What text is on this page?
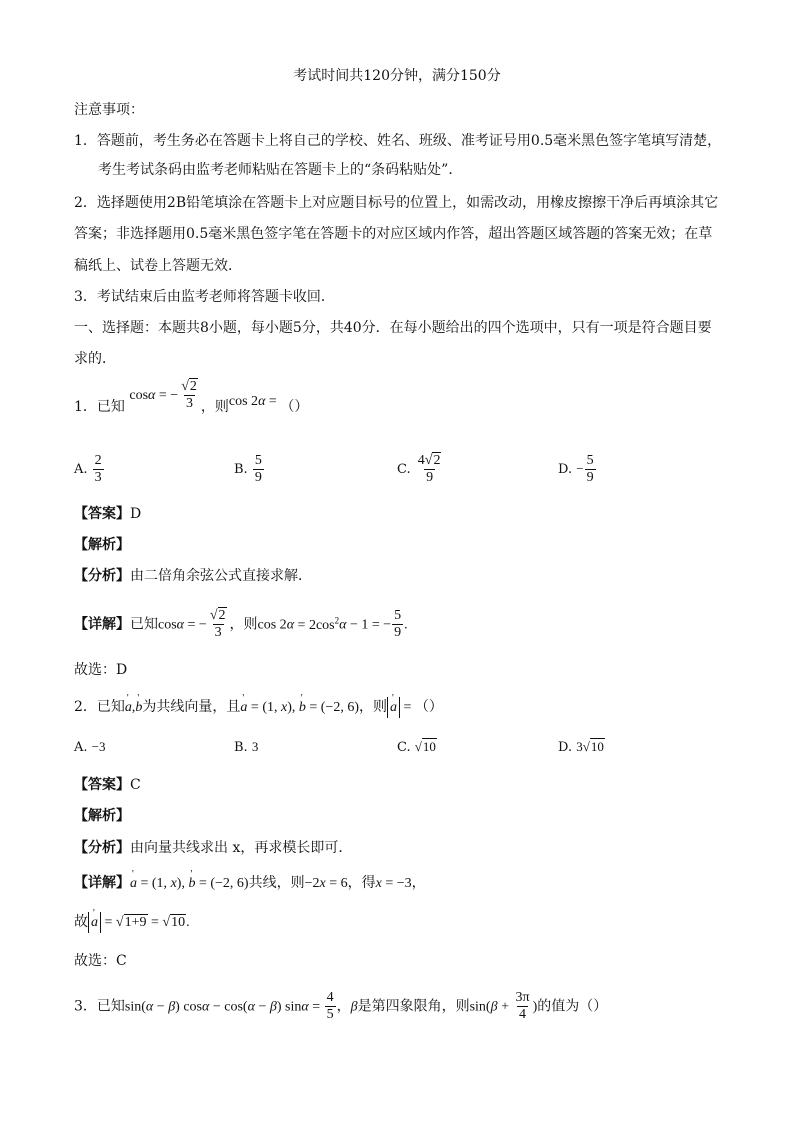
考试时间共120分钟，满分150分
注意事项：
1．答题前，考生务必在答题卡上将自己的学校、姓名、班级、准考证号用0.5毫米黑色签字笔填写清楚，
考生考试条码由监考老师粘贴在答题卡上的“条码粘贴处”．
2．选择题使用2B铅笔填涂在答题卡上对应题目标号的位置上，如需改动，用橡皮擦擦干净后再填涂其它
答案；非选择题用0.5毫米黑色签字笔在答题卡的对应区域内作答，超出答题区域答题的答案无效；在草
稿纸上、试卷上答题无效．
3．考试结束后由监考老师将答题卡收回．
一、选择题：本题共8小题，每小题5分，共40分．在每小题给出的四个选项中，只有一项是符合题目要
求的．
1．已知 cosα = − $\frac{√2}{3}$ ，则cos 2α = （）
A. $\frac{2}{3}$	B. $\frac{5}{9}$	C. $\frac{4√2}{9}$	D. − $\frac{5}{9}$
【答案】D
【解析】
【分析】由二倍角余弦公式直接求解．
【详解】已知cosα = − $\frac{√2}{3}$ ，则$\cos 2\alpha = 2\cos^2\alpha - 1$ = − $\frac{5}{9}$ .
故选：D
2．已知' a,' b为共线向量，且' a = (1, x), ' b = (−2, 6)，则 ' a = （）
A. −3	B. 3	C. √10	D. 3√10
【答案】C
【解析】
【分析】由向量共线求出 x，再求模长即可．
【详解】' a = (1, x), ' b = (−2, 6)共线，则−2x = 6，得x = −3，
故 ' a = √1+9 = √10.
故选：C
3．已知sin(α − β) cosα − cos(α − β) $\sin\alpha = \frac{4}{5}$ ，β是第四象限角，则$\sin(\beta + \frac{3\pi}{4}$ )的值为（）
